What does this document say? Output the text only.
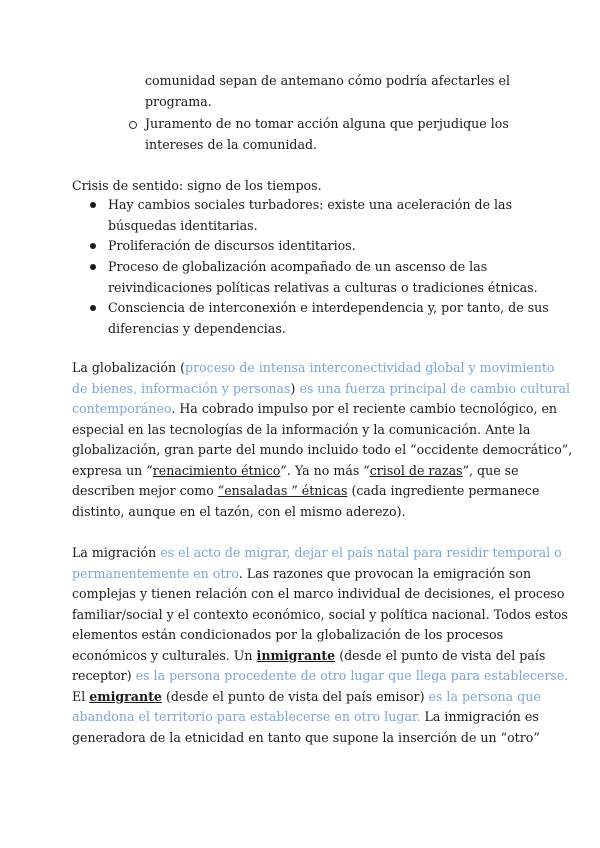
comunidad sepan de antemano cómo podría afectarles el
programa.
Juramento de no tomar acción alguna que perjudique los
intereses de la comunidad.

Crisis de sentido: signo de los tiempos.

Hay cambios sociales turbadores: existe una aceleración de las
búsquedas identitarias.
Proliferación de discursos identitarios.
Proceso de globalización acompañado de un ascenso de las
reivindicaciones políticas relativas a culturas o tradiciones étnicas.
Consciencia de interconexión e interdependencia y, por tanto, de sus
diferencias y dependencias.

La globalización (proceso de intensa interconectividad global y movimiento
de bienes, información y personas) es una fuerza principal de cambio cultural
contemporáneo. Ha cobrado impulso por el reciente cambio tecnológico, en
especial en las tecnologías de la información y la comunicación. Ante la
globalización, gran parte del mundo incluido todo el “occidente democrático”,
expresa un “renacimiento étnico”. Ya no más “crisol de razas”, que se
describen mejor como “ensaladas ” étnicas (cada ingrediente permanece
distinto, aunque en el tazón, con el mismo aderezo).

La migración es el acto de migrar, dejar el país natal para residir temporal o
permanentemente en otro. Las razones que provocan la emigración son
complejas y tienen relación con el marco individual de decisiones, el proceso
familiar/social y el contexto económico, social y política nacional. Todos estos
elementos están condicionados por la globalización de los procesos
económicos y culturales. Un inmigrante (desde el punto de vista del país
receptor) es la persona procedente de otro lugar que llega para establecerse.
El emigrante (desde el punto de vista del país emisor) es la persona que
abandona el territorio para establecerse en otro lugar. La inmigración es
generadora de la etnicidad en tanto que supone la inserción de un “otro”
